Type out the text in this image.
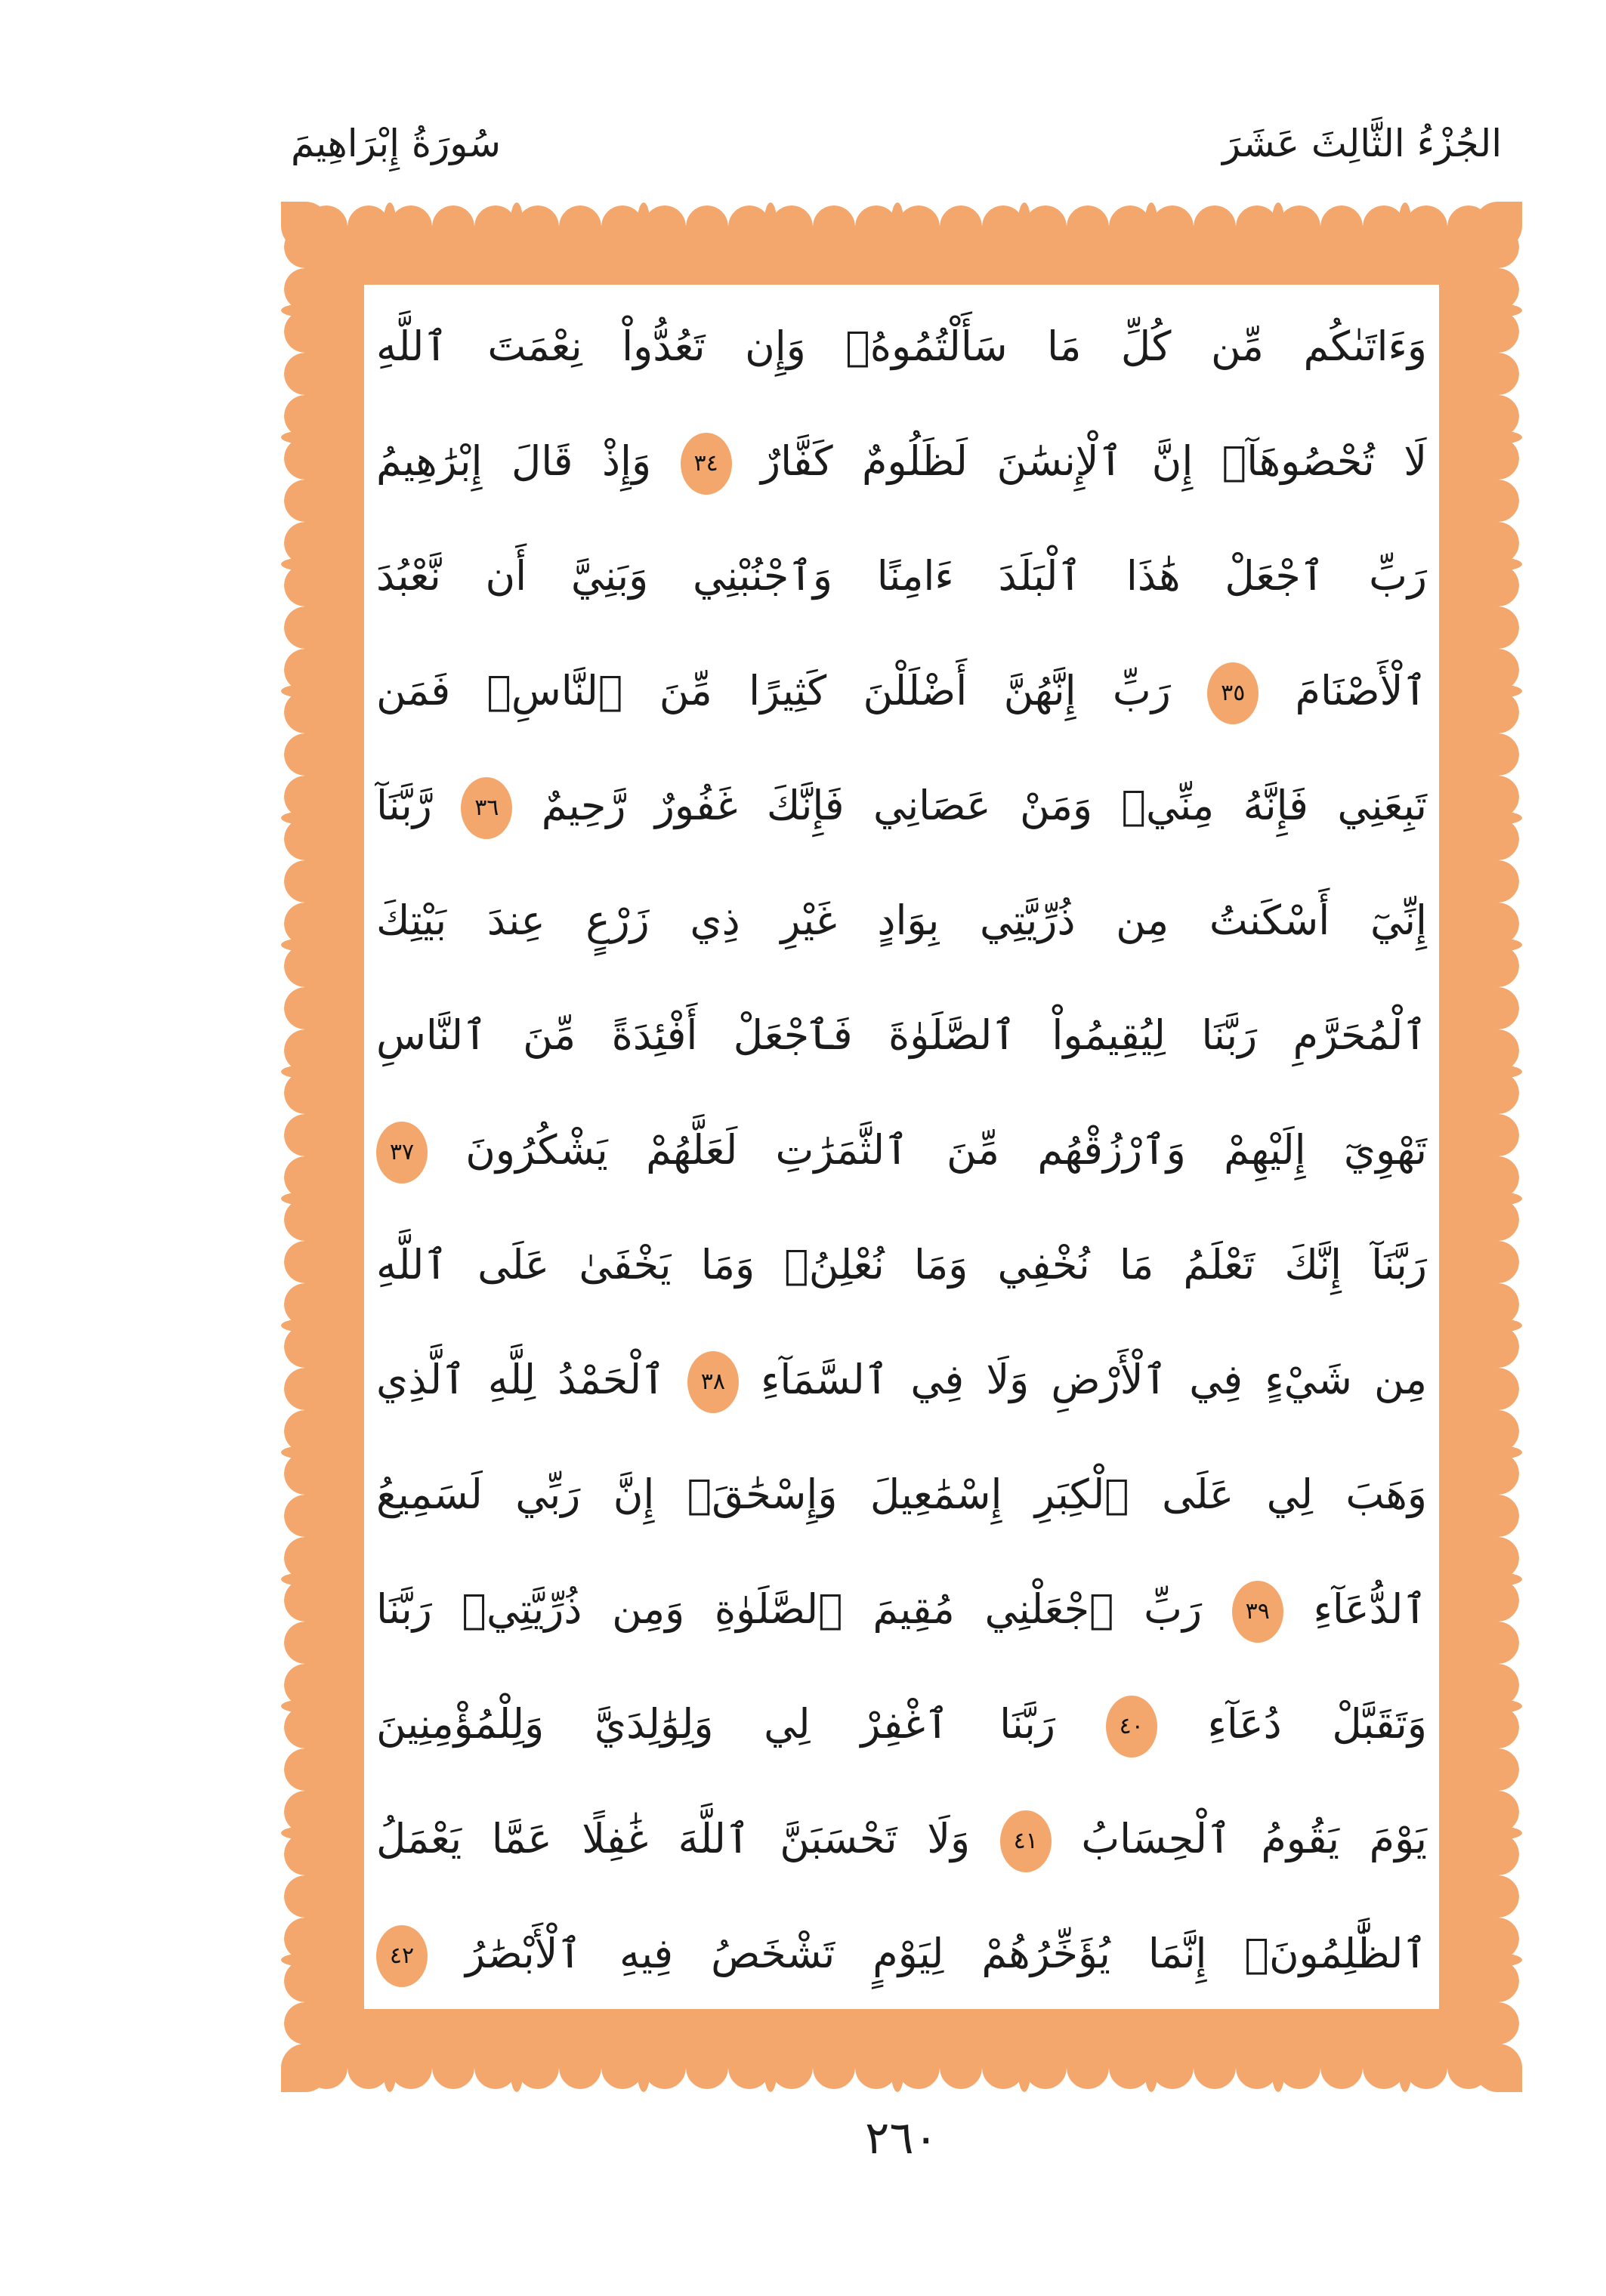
سُورَةُ إِبْرَاهِيمَ	الجُزْءُ الثَّالِثَ عَشَرَ
وَءَاتَىٰكُم مِّن كُلِّ مَا سَأَلْتُمُوهُۚ وَإِن تَعُدُّواْ نِعْمَتَ ٱللَّهِ
لَا تُحْصُوهَآۗ إِنَّ ٱلْإِنسَٰنَ لَظَلُومٌ كَفَّارٌ ٣٤ وَإِذْ قَالَ إِبْرَٰهِيمُ
رَبِّ ٱجْعَلْ هَٰذَا ٱلْبَلَدَ ءَامِنًا وَٱجْنُبْنِي وَبَنِيَّ أَن نَّعْبُدَ
ٱلْأَصْنَامَ ٣٥ رَبِّ إِنَّهُنَّ أَضْلَلْنَ كَثِيرًا مِّنَ ٱلنَّاسِۖ فَمَن
تَبِعَنِي فَإِنَّهُ مِنِّيۖ وَمَنْ عَصَانِي فَإِنَّكَ غَفُورٌ رَّحِيمٌ ٣٦ رَّبَّنَآ
إِنِّيٓ أَسْكَنتُ مِن ذُرِّيَّتِي بِوَادٍ غَيْرِ ذِي زَرْعٍ عِندَ بَيْتِكَ
ٱلْمُحَرَّمِ رَبَّنَا لِيُقِيمُواْ ٱلصَّلَوٰةَ فَٱجْعَلْ أَفْئِدَةً مِّنَ ٱلنَّاسِ
تَهْوِيٓ إِلَيْهِمْ وَٱرْزُقْهُم مِّنَ ٱلثَّمَرَٰتِ لَعَلَّهُمْ يَشْكُرُونَ ٣٧
رَبَّنَآ إِنَّكَ تَعْلَمُ مَا نُخْفِي وَمَا نُعْلِنُۗ وَمَا يَخْفَىٰ عَلَى ٱللَّهِ
مِن شَيْءٍ فِي ٱلْأَرْضِ وَلَا فِي ٱلسَّمَآءِ ٣٨ ٱلْحَمْدُ لِلَّهِ ٱلَّذِي
وَهَبَ لِي عَلَى ٱلْكِبَرِ إِسْمَٰعِيلَ وَإِسْحَٰقَۚ إِنَّ رَبِّي لَسَمِيعُ
ٱلدُّعَآءِ ٣٩ رَبِّ ٱجْعَلْنِي مُقِيمَ ٱلصَّلَوٰةِ وَمِن ذُرِّيَّتِيۚ رَبَّنَا
وَتَقَبَّلْ دُعَآءِ ٤٠ رَبَّنَا ٱغْفِرْ لِي وَلِوَٰلِدَيَّ وَلِلْمُؤْمِنِينَ
يَوْمَ يَقُومُ ٱلْحِسَابُ ٤١ وَلَا تَحْسَبَنَّ ٱللَّهَ غَٰفِلًا عَمَّا يَعْمَلُ
ٱلظَّٰلِمُونَۚ إِنَّمَا يُؤَخِّرُهُمْ لِيَوْمٍ تَشْخَصُ فِيهِ ٱلْأَبْصَٰرُ ٤٢
٢٦٠
